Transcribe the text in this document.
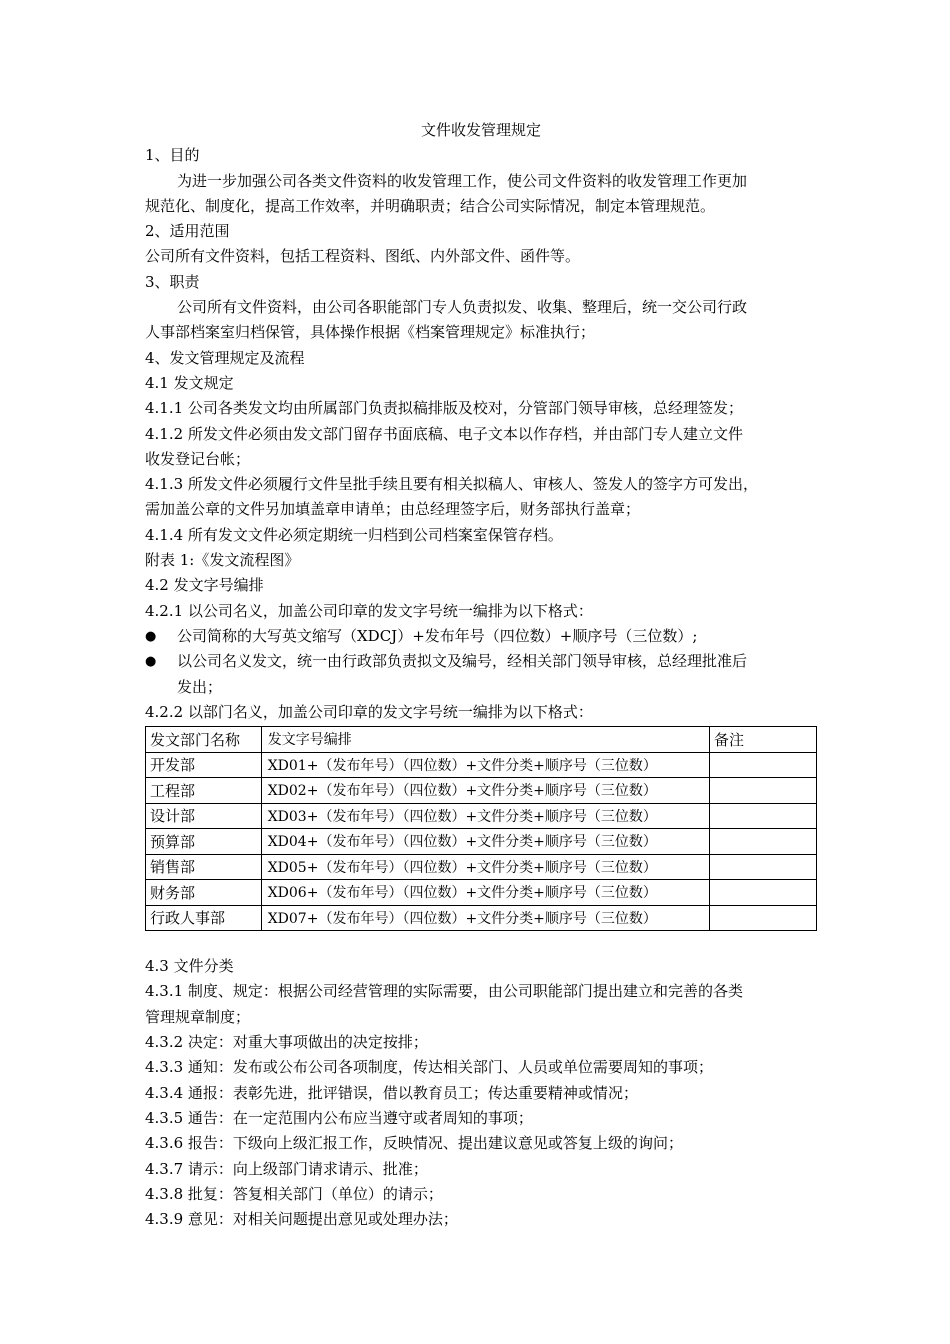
文件收发管理规定
1、目的
为进一步加强公司各类文件资料的收发管理工作，使公司文件资料的收发管理工作更加
规范化、制度化，提高工作效率，并明确职责；结合公司实际情况，制定本管理规范。
2、适用范围
公司所有文件资料，包括工程资料、图纸、内外部文件、函件等。
3、职责
公司所有文件资料，由公司各职能部门专人负责拟发、收集、整理后，统一交公司行政
人事部档案室归档保管，具体操作根据《档案管理规定》标准执行；
4、发文管理规定及流程
4.1 发文规定
4.1.1 公司各类发文均由所属部门负责拟稿排版及校对，分管部门领导审核，总经理签发；
4.1.2 所发文件必须由发文部门留存书面底稿、电子文本以作存档，并由部门专人建立文件
收发登记台帐；
4.1.3 所发文件必须履行文件呈批手续且要有相关拟稿人、审核人、签发人的签字方可发出，
需加盖公章的文件另加填盖章申请单；由总经理签字后，财务部执行盖章；
4.1.4 所有发文文件必须定期统一归档到公司档案室保管存档。
附表 1:《发文流程图》
4.2 发文字号编排
4.2.1 以公司名义，加盖公司印章的发文字号统一编排为以下格式：
● 公司简称的大写英文缩写（XDCJ）+发布年号（四位数）+顺序号（三位数）;
● 以公司名义发文，统一由行政部负责拟文及编号，经相关部门领导审核，总经理批准后
发出；
4.2.2 以部门名义，加盖公司印章的发文字号统一编排为以下格式：
发文部门名称	发文字号编排	备注
开发部	XD01+（发布年号）（四位数）+文件分类+顺序号（三位数）	
工程部	XD02+（发布年号）（四位数）+文件分类+顺序号（三位数）	
设计部	XD03+（发布年号）（四位数）+文件分类+顺序号（三位数）	
预算部	XD04+（发布年号）（四位数）+文件分类+顺序号（三位数）	
销售部	XD05+（发布年号）（四位数）+文件分类+顺序号（三位数）	
财务部	XD06+（发布年号）（四位数）+文件分类+顺序号（三位数）	
行政人事部	XD07+（发布年号）（四位数）+文件分类+顺序号（三位数）	
4.3 文件分类
4.3.1 制度、规定：根据公司经营管理的实际需要，由公司职能部门提出建立和完善的各类
管理规章制度；
4.3.2 决定：对重大事项做出的决定按排；
4.3.3 通知：发布或公布公司各项制度，传达相关部门、人员或单位需要周知的事项；
4.3.4 通报：表彰先进，批评错误，借以教育员工；传达重要精神或情况；
4.3.5 通告：在一定范围内公布应当遵守或者周知的事项；
4.3.6 报告：下级向上级汇报工作，反映情况、提出建议意见或答复上级的询问；
4.3.7 请示：向上级部门请求请示、批准；
4.3.8 批复：答复相关部门（单位）的请示；
4.3.9 意见：对相关问题提出意见或处理办法；
